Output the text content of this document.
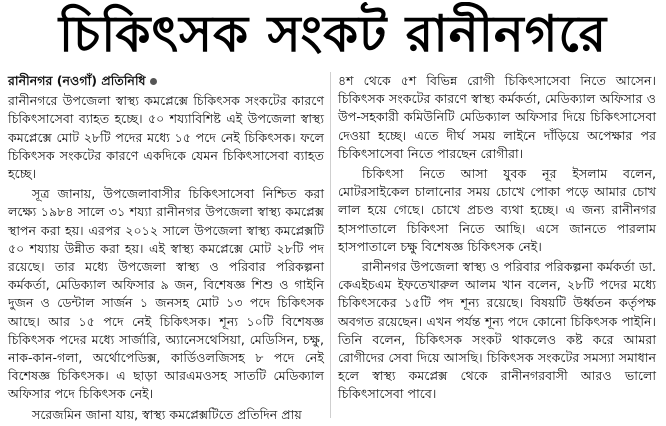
চিকিৎসক সংকট রানীনগরে

রানীনগর (নওগাঁ) প্রতিনিধি

রানীনগরে উপজেলা স্বাস্থ্য কমপ্লেক্সে চিকিৎসক সংকটের কারণে চিকিৎসাসেবা ব্যাহত হচ্ছে। ৫০ শয্যাবিশিষ্ট এই উপজেলা স্বাস্থ্য কমপ্লেক্সে মোট ২৮টি পদের মধ্যে ১৫ পদে নেই চিকিৎসক। ফলে চিকিৎসক সংকটের কারণে একদিকে যেমন চিকিৎসাসেবা ব্যাহত হচ্ছে।

সূত্র জানায়, উপজেলাবাসীর চিকিৎসাসেবা নিশ্চিত করা লক্ষ্যে ১৯৮৪ সালে ৩১ শয্যা রানীনগর উপজেলা স্বাস্থ্য কমপ্লেক্স স্থাপন করা হয়। এরপর ২০১২ সালে উপজেলা স্বাস্থ্য কমপ্লেক্সটি ৫০ শয্যায় উন্নীত করা হয়। এই স্বাস্থ্য কমপ্লেক্সে মোট ২৮টি পদ রয়েছে। তার মধ্যে উপজেলা স্বাস্থ্য ও পরিবার পরিকল্পনা কর্মকর্তা, মেডিক্যাল অফিসার ৯ জন, বিশেষজ্ঞ শিশু ও গাইনি দুজন ও ডেন্টাল সার্জন ১ জনসহ মোট ১৩ পদে চিকিৎসক আছে। আর ১৫ পদে নেই চিকিৎসক। শূন্য ১০টি বিশেষজ্ঞ চিকিৎসক পদের মধ্যে সার্জারি, অ্যানেসথেসিয়া, মেডিসিন, চক্ষু, নাক-কান-গলা, অর্থোপেডিক্স, কার্ডিওলজিসহ ৮ পদে নেই বিশেষজ্ঞ চিকিৎসক। এ ছাড়া আরএমওসহ সাতটি মেডিক্যাল অফিসার পদে চিকিৎসক নেই।

সরেজমিন জানা যায়, স্বাস্থ্য কমপ্লেক্সটিতে প্রতিদিন প্রায়

৪শ থেকে ৫শ বিভিন্ন রোগী চিকিৎসাসেবা নিতে আসেন। চিকিৎসক সংকটের কারণে স্বাস্থ্য কর্মকর্তা, মেডিক্যাল অফিসার ও উপ-সহকারী কমিউনিটি মেডিক্যাল অফিসার দিয়ে চিকিৎসাসেবা দেওয়া হচ্ছে। এতে দীর্ঘ সময় লাইনে দাঁড়িয়ে অপেক্ষার পর চিকিৎসাসেবা নিতে পারছেন রোগীরা।

চিকিৎসা নিতে আসা যুবক নূর ইসলাম বলেন, মোটরসাইকেল চালানোর সময় চোখে পোকা পড়ে আমার চোখ লাল হয়ে গেছে। চোখে প্রচণ্ড ব্যথা হচ্ছে। এ জন্য রানীনগর হাসপাতালে চিকিৎসা নিতে আছি। এসে জানতে পারলাম হাসপাতালে চক্ষু বিশেষজ্ঞ চিকিৎসক নেই।

রানীনগর উপজেলা স্বাস্থ্য ও পরিবার পরিকল্পনা কর্মকর্তা ডা. কেএইচএম ইফতেখারুল আলম খান বলেন, ২৮টি পদের মধ্যে চিকিৎসকের ১৫টি পদ শূন্য রয়েছে। বিষয়টি উর্ধ্বতন কর্তৃপক্ষ অবগত রয়েছেন। এখন পর্যন্ত শূন্য পদে কোনো চিকিৎসক পাইনি। তিনি বলেন, চিকিৎসক সংকট থাকলেও কষ্ট করে আমরা রোগীদের সেবা দিয়ে আসছি। চিকিৎসক সংকটের সমস্যা সমাধান হলে স্বাস্থ্য কমপ্লেক্স থেকে রানীনগরবাসী আরও ভালো চিকিৎসাসেবা পাবে।
